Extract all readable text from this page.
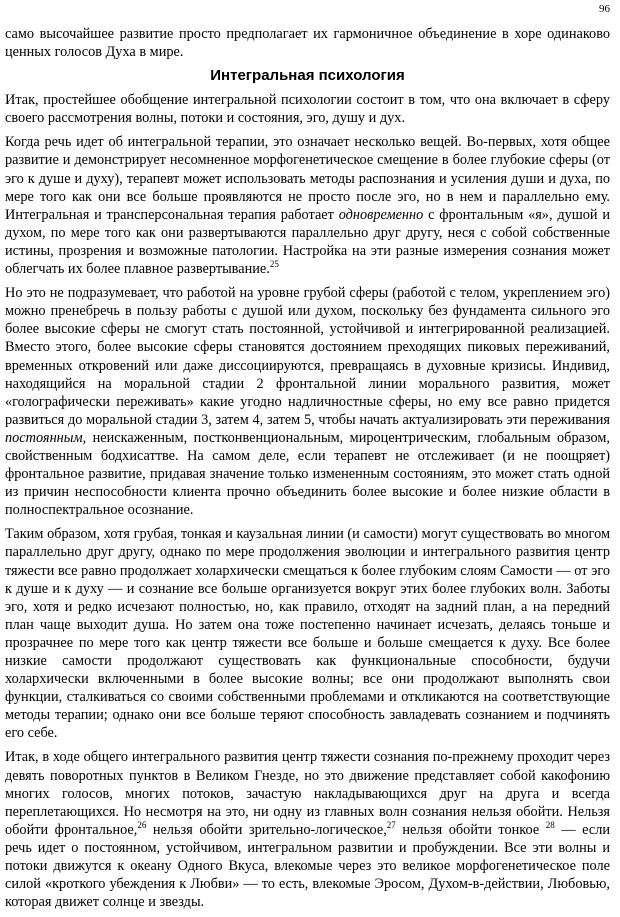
96

само высочайшее развитие просто предполагает их гармоничное объединение в хоре одинаково ценных голосов Духа в мире.

Интегральная психология

Итак, простейшее обобщение интегральной психологии состоит в том, что она включает в сферу своего рассмотрения волны, потоки и состояния, эго, душу и дух.

Когда речь идет об интегральной терапии, это означает несколько вещей. Во-первых, хотя общее развитие и демонстрирует несомненное морфогенетическое смещение в более глубокие сферы (от эго к душе и духу), терапевт может использовать методы распознания и усиления души и духа, по мере того как они все больше проявляются не просто после эго, но в нем и параллельно ему. Интегральная и трансперсональная терапия работает одновременно с фронтальным «я», душой и духом, по мере того как они развертываются параллельно друг другу, неся с собой собственные истины, прозрения и возможные патологии. Настройка на эти разные измерения сознания может облегчать их более плавное развертывание.$^{25}$

Но это не подразумевает, что работой на уровне грубой сферы (работой с телом, укреплением эго) можно пренебречь в пользу работы с душой или духом, поскольку без фундамента сильного эго более высокие сферы не смогут стать постоянной, устойчивой и интегрированной реализацией. Вместо этого, более высокие сферы становятся достоянием преходящих пиковых переживаний, временных откровений или даже диссоциируются, превращаясь в духовные кризисы. Индивид, находящийся на моральной стадии 2 фронтальной линии морального развития, может «голографически переживать» какие угодно надличностные сферы, но ему все равно придется развиться до моральной стадии 3, затем 4, затем 5, чтобы начать актуализировать эти переживания постоянным, неискаженным, постконвенциональным, мироцентрическим, глобальным образом, свойственным бодхисаттве. На самом деле, если терапевт не отслеживает (и не поощряет) фронтальное развитие, придавая значение только измененным состояниям, это может стать одной из причин неспособности клиента прочно объединить более высокие и более низкие области в полноспектральное осознание.

Таким образом, хотя грубая, тонкая и каузальная линии (и самости) могут существовать во многом параллельно друг другу, однако по мере продолжения эволюции и интегрального развития центр тяжести все равно продолжает холархически смещаться к более глубоким слоям Самости — от эго к душе и к духу — и сознание все больше организуется вокруг этих более глубоких волн. Заботы эго, хотя и редко исчезают полностью, но, как правило, отходят на задний план, а на передний план чаще выходит душа. Но затем она тоже постепенно начинает исчезать, делаясь тоньше и прозрачнее по мере того как центр тяжести все больше и больше смещается к духу. Все более низкие самости продолжают существовать как функциональные способности, будучи холархически включенными в более высокие волны; все они продолжают выполнять свои функции, сталкиваться со своими собственными проблемами и откликаются на соответствующие методы терапии; однако они все больше теряют способность завладевать сознанием и подчинять его себе.

Итак, в ходе общего интегрального развития центр тяжести сознания по-прежнему проходит через девять поворотных пунктов в Великом Гнезде, но это движение представляет собой какофонию многих голосов, многих потоков, зачастую накладывающихся друг на друга и всегда переплетающихся. Но несмотря на это, ни одну из главных волн сознания нельзя обойти. Нельзя обойти фронтальное,$^{26}$ нельзя обойти зрительно-логическое,$^{27}$ нельзя обойти тонкое $^{28}$ — если речь идет о постоянном, устойчивом, интегральном развитии и пробуждении. Все эти волны и потоки движутся к океану Одного Вкуса, влекомые через это великое морфогенетическое поле силой «кроткого убеждения к Любви» — то есть, влекомые Эросом, Духом-в-действии, Любовью, которая движет солнце и звезды.
